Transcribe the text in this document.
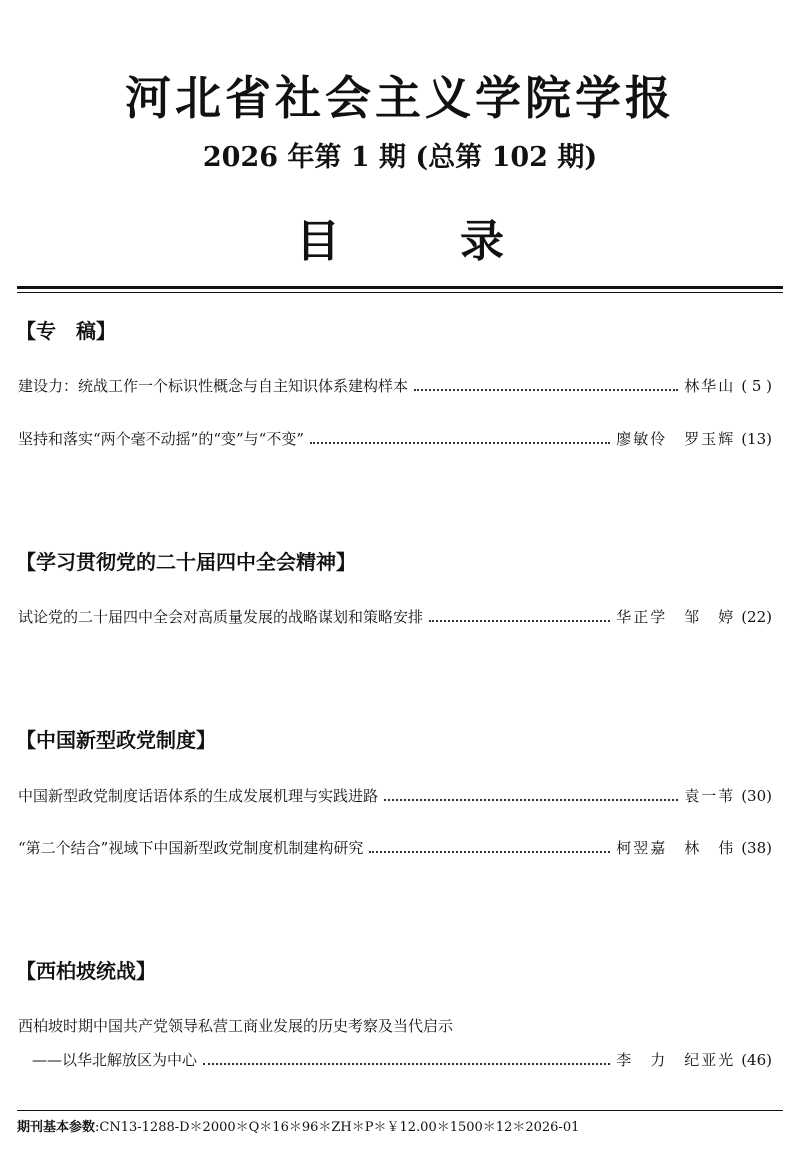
河北省社会主义学院学报
2026 年第 1 期 (总第 102 期)
目	录
【专　稿】
建设力：统战工作一个标识性概念与自主知识体系建构样本	林华山 ( 5 )
坚持和落实“两个毫不动摇”的“变”与“不变”	廖敏伶　罗玉辉 (13)
【学习贯彻党的二十届四中全会精神】
试论党的二十届四中全会对高质量发展的战略谋划和策略安排	华正学　邹　婷 (22)
【中国新型政党制度】
中国新型政党制度话语体系的生成发展机理与实践进路	袁一苇 (30)
“第二个结合”视域下中国新型政党制度机制建构研究	柯翌嘉　林　伟 (38)
【西柏坡统战】
西柏坡时期中国共产党领导私营工商业发展的历史考察及当代启示
——以华北解放区为中心	李　力　纪亚光 (46)
期刊基本参数:CN13-1288-D＊2000＊Q＊16＊96＊ZH＊P＊￥12.00＊1500＊12＊2026-01
